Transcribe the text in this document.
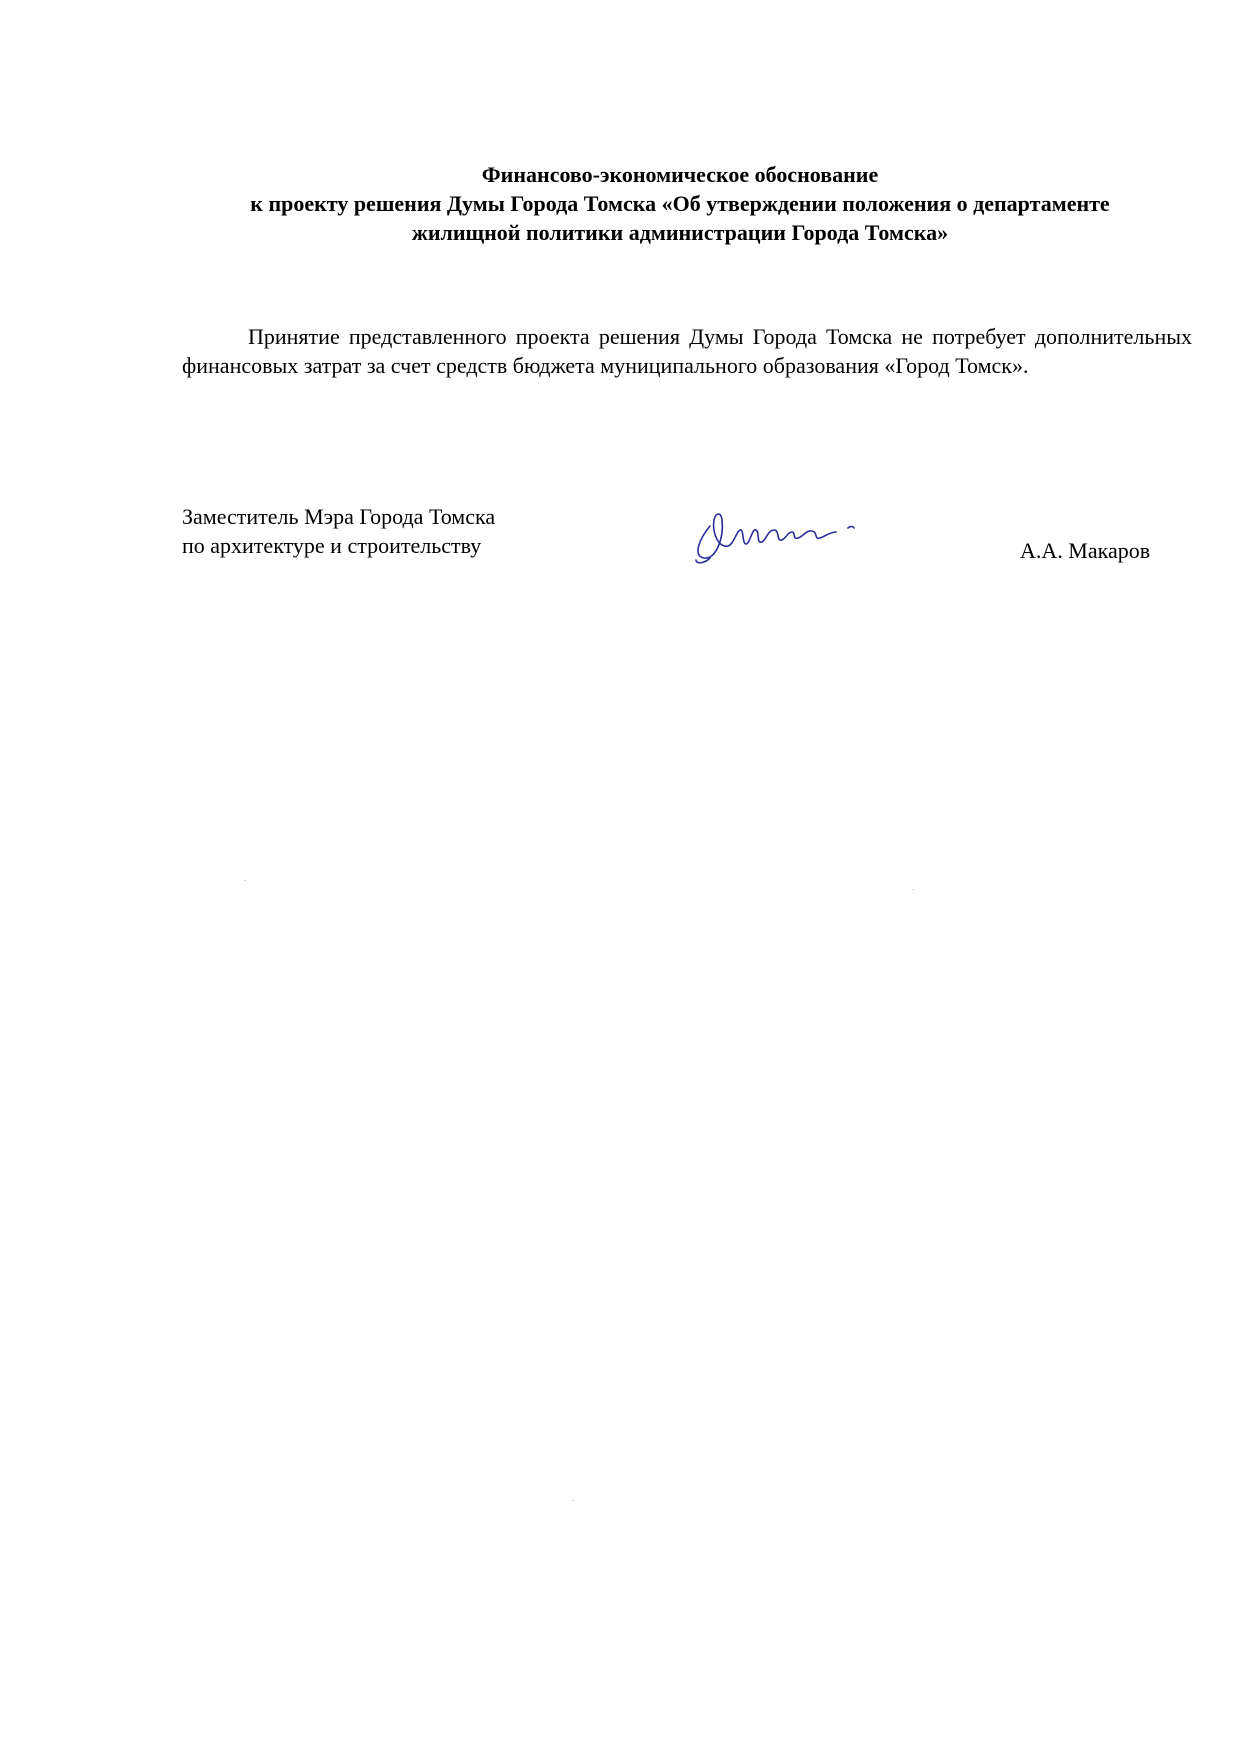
Финансово-экономическое обоснование
к проекту решения Думы Города Томска «Об утверждении положения о департаменте
жилищной политики администрации Города Томска»

Принятие представленного проекта решения Думы Города Томска не потребует дополнительных финансовых затрат за счет средств бюджета муниципального образования «Город Томск».

Заместитель Мэра Города Томска
по архитектуре и строительству	А.А. Макаров
